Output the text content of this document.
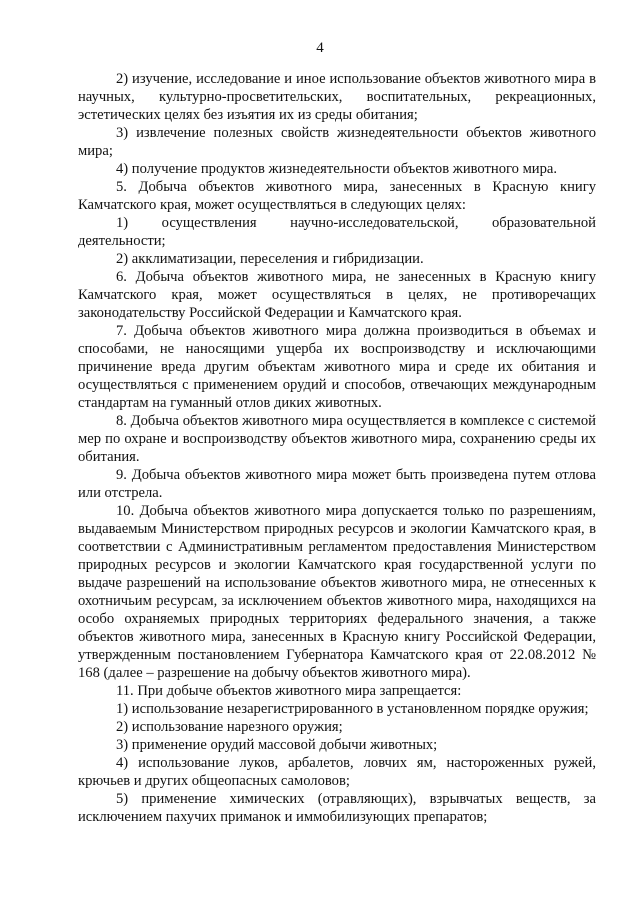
4

2) изучение, исследование и иное использование объектов животного мира в научных, культурно-просветительских, воспитательных, рекреационных, эстетических целях без изъятия их из среды обитания;

3) извлечение полезных свойств жизнедеятельности объектов животного мира;

4) получение продуктов жизнедеятельности объектов животного мира.

5. Добыча объектов животного мира, занесенных в Красную книгу Камчатского края, может осуществляться в следующих целях:

1) осуществления научно-исследовательской, образовательной деятельности;

2) акклиматизации, переселения и гибридизации.

6. Добыча объектов животного мира, не занесенных в Красную книгу Камчатского края, может осуществляться в целях, не противоречащих законодательству Российской Федерации и Камчатского края.

7. Добыча объектов животного мира должна производиться в объемах и способами, не наносящими ущерба их воспроизводству и исключающими причинение вреда другим объектам животного мира и среде их обитания и осуществляться с применением орудий и способов, отвечающих международным стандартам на гуманный отлов диких животных.

8. Добыча объектов животного мира осуществляется в комплексе с системой мер по охране и воспроизводству объектов животного мира, сохранению среды их обитания.

9. Добыча объектов животного мира может быть произведена путем отлова или отстрела.

10. Добыча объектов животного мира допускается только по разрешениям, выдаваемым Министерством природных ресурсов и экологии Камчатского края, в соответствии с Административным регламентом предоставления Министерством природных ресурсов и экологии Камчатского края государственной услуги по выдаче разрешений на использование объектов животного мира, не отнесенных к охотничьим ресурсам, за исключением объектов животного мира, находящихся на особо охраняемых природных территориях федерального значения, а также объектов животного мира, занесенных в Красную книгу Российской Федерации, утвержденным постановлением Губернатора Камчатского края от 22.08.2012 № 168 (далее – разрешение на добычу объектов животного мира).

11. При добыче объектов животного мира запрещается:

1) использование незарегистрированного в установленном порядке оружия;

2) использование нарезного оружия;

3) применение орудий массовой добычи животных;

4) использование луков, арбалетов, ловчих ям, настороженных ружей, крючьев и других общеопасных самоловов;

5) применение химических (отравляющих), взрывчатых веществ, за исключением пахучих приманок и иммобилизующих препаратов;
